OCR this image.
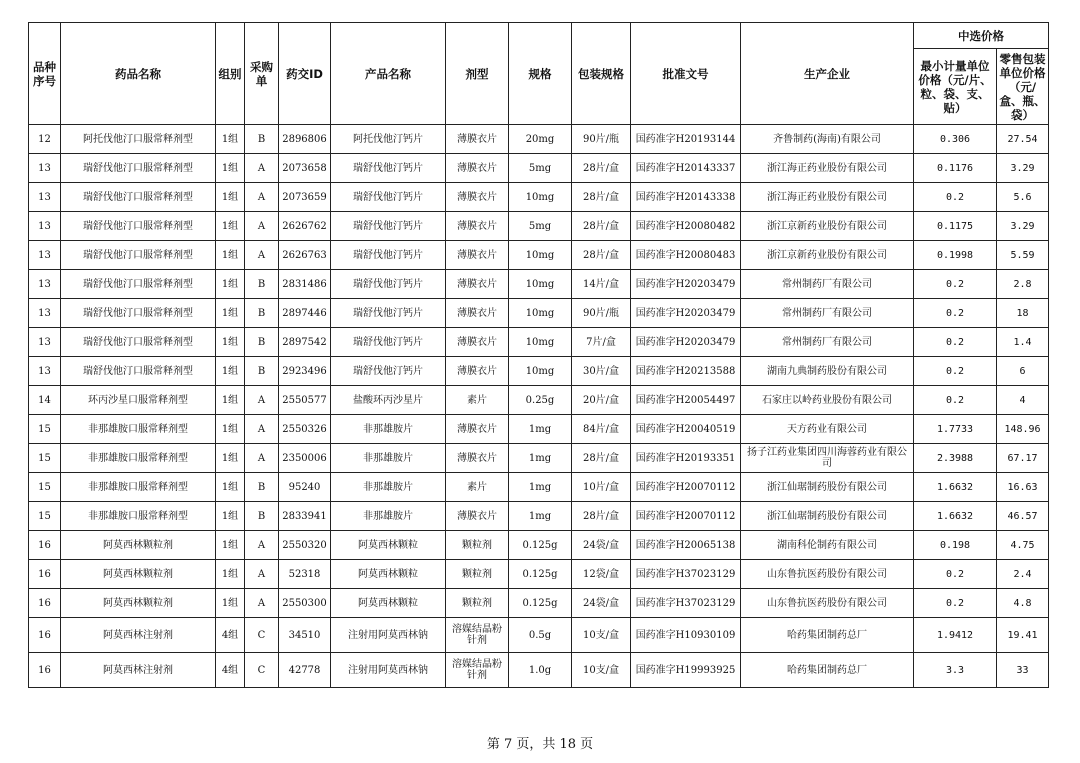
品种序号	药品名称	组别	采购单	药交ID	产品名称	剂型	规格	包装规格	批准文号	生产企业	中选价格	
											最小计量单位价格（元/片、粒、袋、支、贴）	零售包装单位价格（元/盒、瓶、袋）
12	阿托伐他汀口服常释剂型	1组	B	2896806	阿托伐他汀钙片	薄膜衣片	20mg	90片/瓶	国药准字H20193144	齐鲁制药(海南)有限公司	0.306	27.54
13	瑞舒伐他汀口服常释剂型	1组	A	2073658	瑞舒伐他汀钙片	薄膜衣片	5mg	28片/盒	国药准字H20143337	浙江海正药业股份有限公司	0.1176	3.29
13	瑞舒伐他汀口服常释剂型	1组	A	2073659	瑞舒伐他汀钙片	薄膜衣片	10mg	28片/盒	国药准字H20143338	浙江海正药业股份有限公司	0.2	5.6
13	瑞舒伐他汀口服常释剂型	1组	A	2626762	瑞舒伐他汀钙片	薄膜衣片	5mg	28片/盒	国药准字H20080482	浙江京新药业股份有限公司	0.1175	3.29
13	瑞舒伐他汀口服常释剂型	1组	A	2626763	瑞舒伐他汀钙片	薄膜衣片	10mg	28片/盒	国药准字H20080483	浙江京新药业股份有限公司	0.1998	5.59
13	瑞舒伐他汀口服常释剂型	1组	B	2831486	瑞舒伐他汀钙片	薄膜衣片	10mg	14片/盒	国药准字H20203479	常州制药厂有限公司	0.2	2.8
13	瑞舒伐他汀口服常释剂型	1组	B	2897446	瑞舒伐他汀钙片	薄膜衣片	10mg	90片/瓶	国药准字H20203479	常州制药厂有限公司	0.2	18
13	瑞舒伐他汀口服常释剂型	1组	B	2897542	瑞舒伐他汀钙片	薄膜衣片	10mg	7片/盒	国药准字H20203479	常州制药厂有限公司	0.2	1.4
13	瑞舒伐他汀口服常释剂型	1组	B	2923496	瑞舒伐他汀钙片	薄膜衣片	10mg	30片/盒	国药准字H20213588	湖南九典制药股份有限公司	0.2	6
14	环丙沙星口服常释剂型	1组	A	2550577	盐酸环丙沙星片	素片	0.25g	20片/盒	国药准字H20054497	石家庄以岭药业股份有限公司	0.2	4
15	非那雄胺口服常释剂型	1组	A	2550326	非那雄胺片	薄膜衣片	1mg	84片/盒	国药准字H20040519	天方药业有限公司	1.7733	148.96
15	非那雄胺口服常释剂型	1组	A	2350006	非那雄胺片	薄膜衣片	1mg	28片/盒	国药准字H20193351	扬子江药业集团四川海蓉药业有限公司	2.3988	67.17
15	非那雄胺口服常释剂型	1组	B	95240	非那雄胺片	素片	1mg	10片/盒	国药准字H20070112	浙江仙琚制药股份有限公司	1.6632	16.63
15	非那雄胺口服常释剂型	1组	B	2833941	非那雄胺片	薄膜衣片	1mg	28片/盒	国药准字H20070112	浙江仙琚制药股份有限公司	1.6632	46.57
16	阿莫西林颗粒剂	1组	A	2550320	阿莫西林颗粒	颗粒剂	0.125g	24袋/盒	国药准字H20065138	湖南科伦制药有限公司	0.198	4.75
16	阿莫西林颗粒剂	1组	A	52318	阿莫西林颗粒	颗粒剂	0.125g	12袋/盒	国药准字H37023129	山东鲁抗医药股份有限公司	0.2	2.4
16	阿莫西林颗粒剂	1组	A	2550300	阿莫西林颗粒	颗粒剂	0.125g	24袋/盒	国药准字H37023129	山东鲁抗医药股份有限公司	0.2	4.8
16	阿莫西林注射剂	4组	C	34510	注射用阿莫西林钠	溶媒结晶粉针剂	0.5g	10支/盒	国药准字H10930109	哈药集团制药总厂	1.9412	19.41
16	阿莫西林注射剂	4组	C	42778	注射用阿莫西林钠	溶媒结晶粉针剂	1.0g	10支/盒	国药准字H19993925	哈药集团制药总厂	3.3	33
第 7 页，共 18 页
